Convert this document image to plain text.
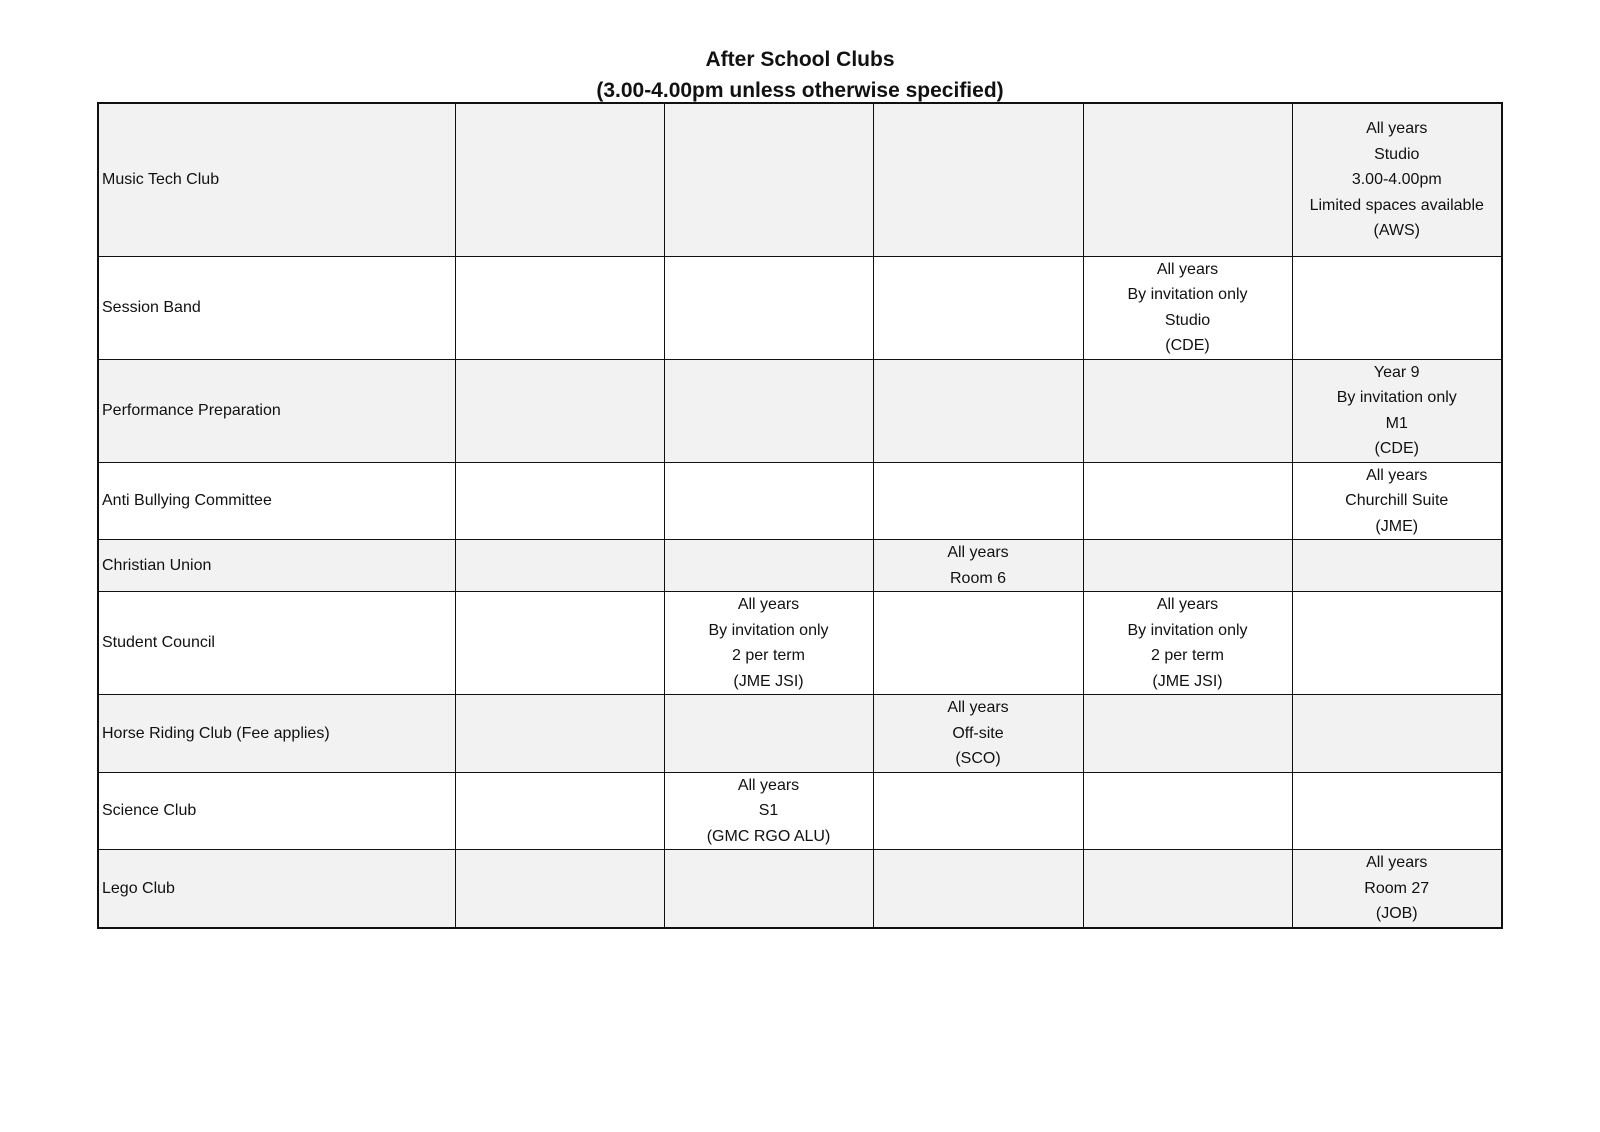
After School Clubs
(3.00-4.00pm unless otherwise specified)
Music Tech Club					All years
Studio
3.00-4.00pm
Limited spaces available
(AWS)

Session Band				All years
By invitation only
Studio
(CDE)	

Performance Preparation					Year 9
By invitation only
M1
(CDE)

Anti Bullying Committee					All years
Churchill Suite
(JME)

Christian Union			All years
Room 6		

Student Council		All years
By invitation only
2 per term
(JME JSI)		All years
By invitation only
2 per term
(JME JSI)	

Horse Riding Club (Fee applies)			All years
Off-site
(SCO)		

Science Club		All years
S1
(GMC RGO ALU)			

Lego Club					All years
Room 27
(JOB)
